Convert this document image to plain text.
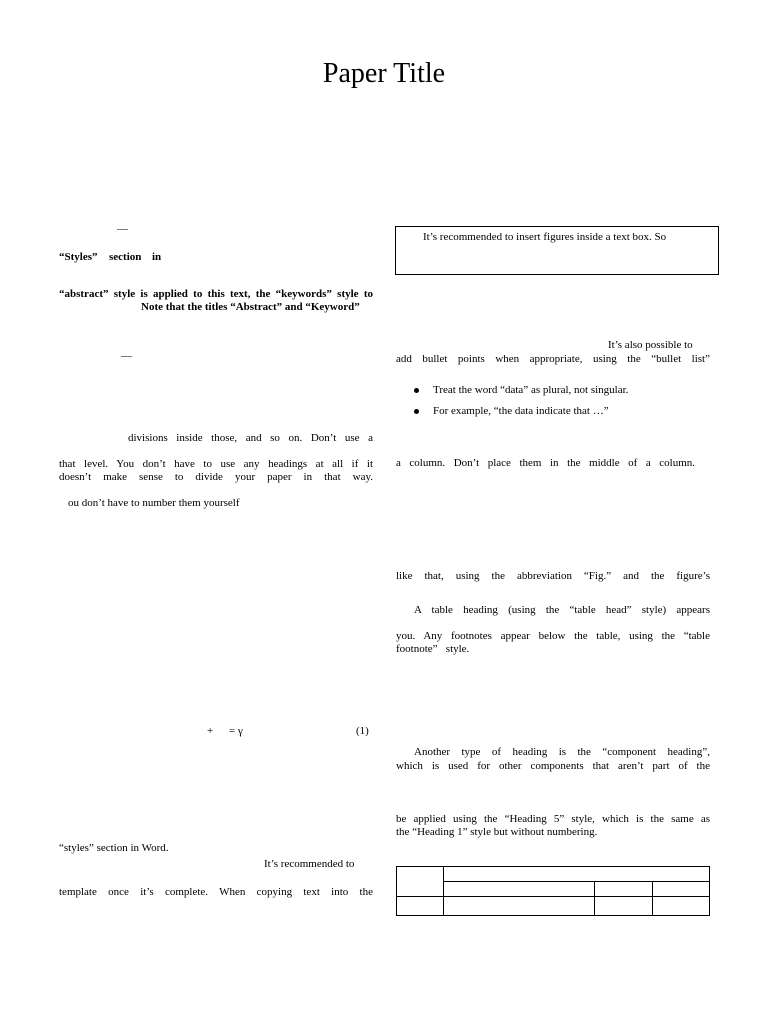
Paper Title
—
“Styles” section in
“abstract” style is applied to this text, the “keywords” style to
Note that the titles “Abstract” and “Keyword”
—
divisions inside those, and so on. Don’t use a
that level. You don’t have to use any headings at all if it
doesn’t make sense to divide your paper in that way.
ou don’t have to number them yourself
+ = γ	(1)
“styles” section in Word.
It’s recommended to
template once it’s complete. When copying text into the
It’s recommended to insert figures inside a text box. So
It’s also possible to
add bullet points when appropriate, using the “bullet list”
Treat the word “data” as plural, not singular.
For example, “the data indicate that …”
a column. Don’t place them in the middle of a column.
like that, using the abbreviation “Fig.” and the figure’s
A table heading (using the “table head” style) appears
you. Any footnotes appear below the table, using the “table
footnote”   style.
Another type of heading is the “component heading”,
which is used for other components that aren’t part of the
be applied using the “Heading 5” style, which is the same as
the “Heading 1” style but without numbering.
